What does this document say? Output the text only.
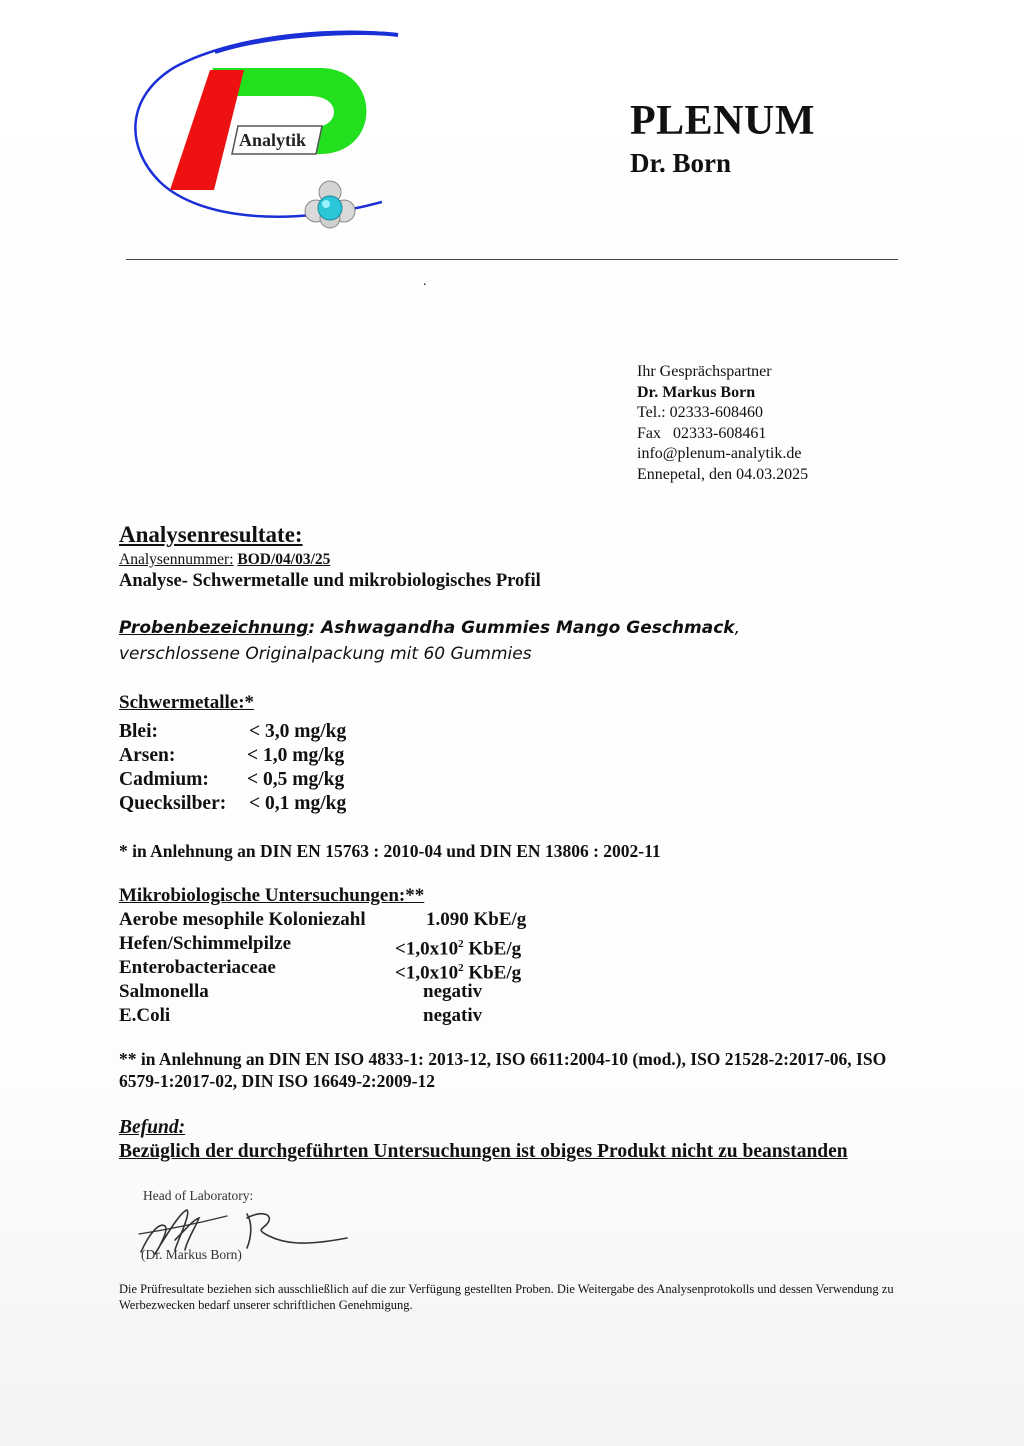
Analytik	PLENUM
Dr. Born
.
Ihr Gesprächspartner
Dr. Markus Born
Tel.: 02333-608460
Fax   02333-608461
info@plenum-analytik.de
Ennepetal, den 04.03.2025
Analysenresultate:
Analysennummer: BOD/04/03/25
Analyse- Schwermetalle und mikrobiologisches Profil
Probenbezeichnung: Ashwagandha Gummies Mango Geschmack, verschlossene Originalpackung mit 60 Gummies
Schwermetalle:*
Blei:	< 3,0 mg/kg
Arsen:	< 1,0 mg/kg
Cadmium: < 0,5 mg/kg
Quecksilber: < 0,1 mg/kg
* in Anlehnung an DIN EN 15763 : 2010-04 und DIN EN 13806 : 2002-11
Mikrobiologische Untersuchungen:**
Aerobe mesophile Koloniezahl	1.090 KbE/g
Hefen/Schimmelpilze	$<1,0x10^2$ KbE/g
Enterobacteriaceae	$<1,0x10^2$ KbE/g
Salmonella	negativ
E.Coli	negativ
** in Anlehnung an DIN EN ISO 4833-1: 2013-12, ISO 6611:2004-10 (mod.), ISO 21528-2:2017-06, ISO 6579-1:2017-02, DIN ISO 16649-2:2009-12
Befund:
Bezüglich der durchgeführten Untersuchungen ist obiges Produkt nicht zu beanstanden
Head of Laboratory:
(Dr. Markus Born)
Die Prüfresultate beziehen sich ausschließlich auf die zur Verfügung gestellten Proben. Die Weitergabe des Analysenprotokolls und dessen Verwendung zu Werbezwecken bedarf unserer schriftlichen Genehmigung.
